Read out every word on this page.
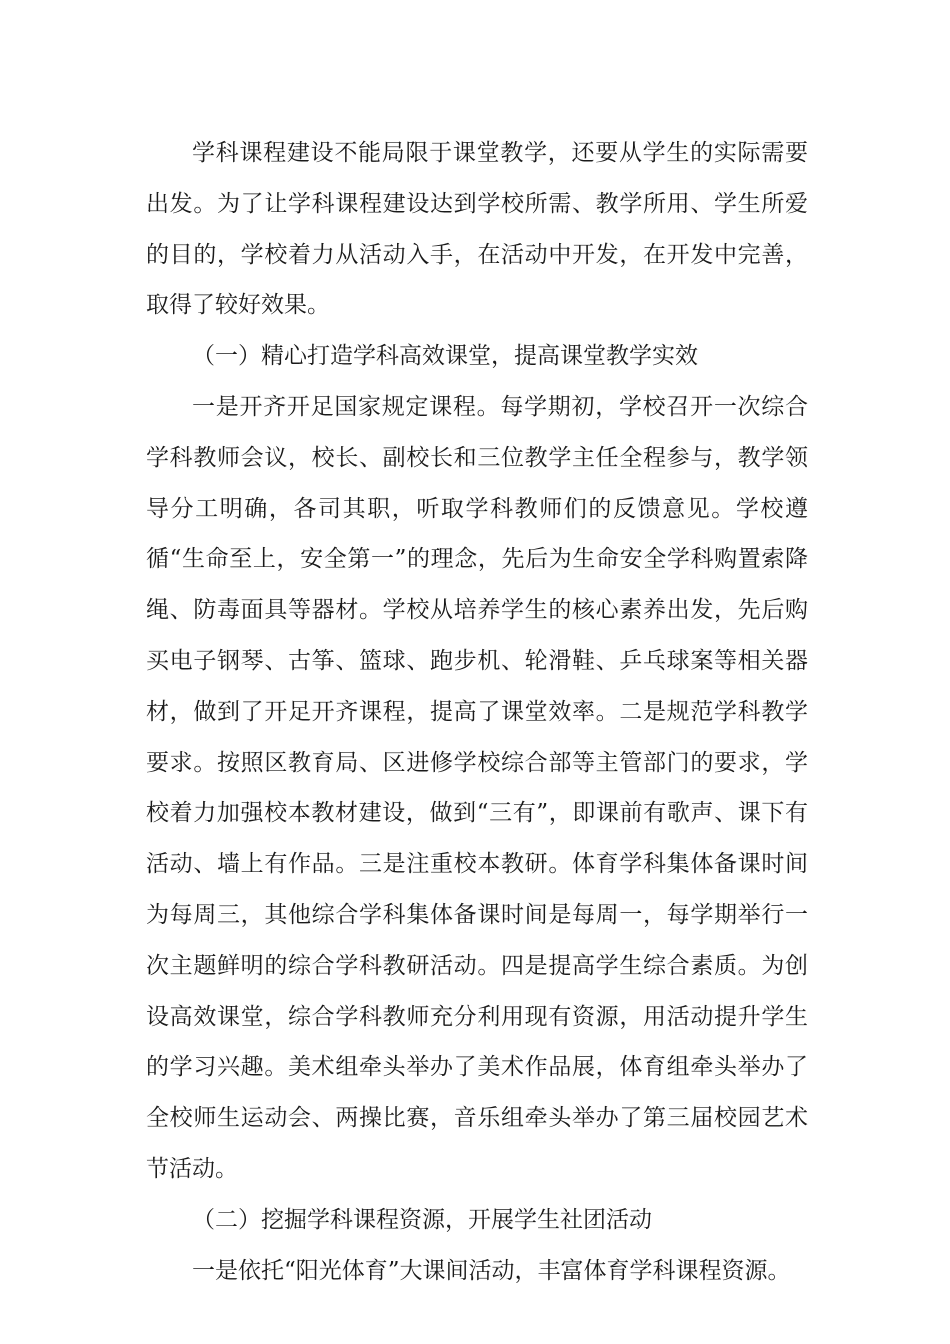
学科课程建设不能局限于课堂教学，还要从学生的实际需要出发。为了让学科课程建设达到学校所需、教学所用、学生所爱的目的，学校着力从活动入手，在活动中开发，在开发中完善，取得了较好效果。

（一）精心打造学科高效课堂，提高课堂教学实效

一是开齐开足国家规定课程。每学期初，学校召开一次综合学科教师会议，校长、副校长和三位教学主任全程参与，教学领导分工明确，各司其职，听取学科教师们的反馈意见。学校遵循“生命至上，安全第一”的理念，先后为生命安全学科购置索降绳、防毒面具等器材。学校从培养学生的核心素养出发，先后购买电子钢琴、古筝、篮球、跑步机、轮滑鞋、乒乓球案等相关器材，做到了开足开齐课程，提高了课堂效率。二是规范学科教学要求。按照区教育局、区进修学校综合部等主管部门的要求，学校着力加强校本教材建设，做到“三有”，即课前有歌声、课下有活动、墙上有作品。三是注重校本教研。体育学科集体备课时间为每周三，其他综合学科集体备课时间是每周一，每学期举行一次主题鲜明的综合学科教研活动。四是提高学生综合素质。为创设高效课堂，综合学科教师充分利用现有资源，用活动提升学生的学习兴趣。美术组牵头举办了美术作品展，体育组牵头举办了全校师生运动会、两操比赛，音乐组牵头举办了第三届校园艺术节活动。

（二）挖掘学科课程资源，开展学生社团活动

一是依托“阳光体育”大课间活动，丰富体育学科课程资源。
